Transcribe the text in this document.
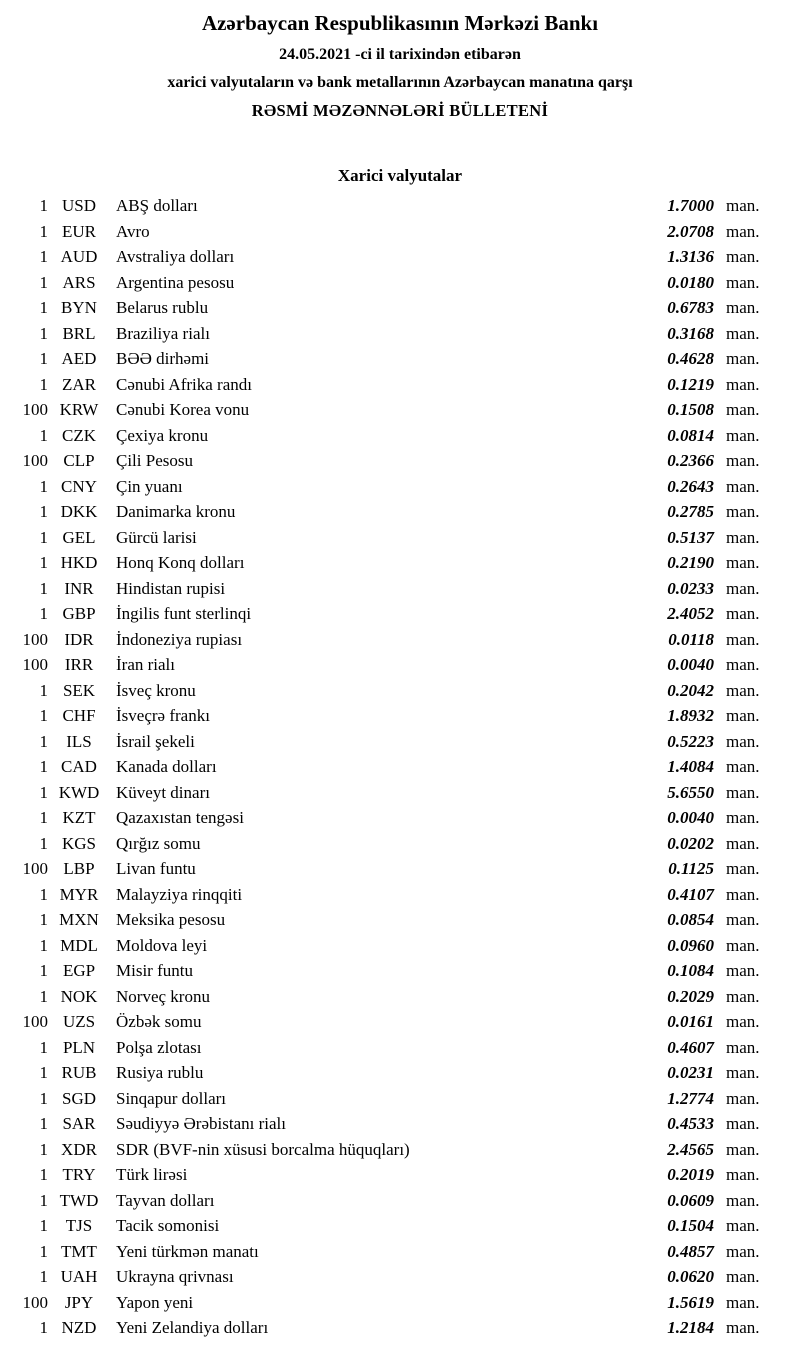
Azərbaycan Respublikasının Mərkəzi Bankı
24.05.2021 -ci il tarixindən etibarən
xarici valyutaların və bank metallarının Azərbaycan manatına qarşı
RƏSMİ MƏZƏNNƏLƏRİ BÜLLETENİ
Xarici valyutalar
1 USD	ABŞ dolları	1.7000 man.
1 EUR	Avro	2.0708 man.
1 AUD	Avstraliya dolları	1.3136 man.
1 ARS	Argentina pesosu	0.0180 man.
1 BYN	Belarus rublu	0.6783 man.
1 BRL	Braziliya rialı	0.3168 man.
1 AED	BƏƏ dirhəmi	0.4628 man.
1 ZAR	Cənubi Afrika randı	0.1219 man.
100 KRW	Cənubi Korea vonu	0.1508 man.
1 CZK	Çexiya kronu	0.0814 man.
100 CLP	Çili Pesosu	0.2366 man.
1 CNY	Çin yuanı	0.2643 man.
1 DKK	Danimarka kronu	0.2785 man.
1 GEL	Gürcü larisi	0.5137 man.
1 HKD	Honq Konq dolları	0.2190 man.
1 INR	Hindistan rupisi	0.0233 man.
1 GBP	İngilis funt sterlinqi	2.4052 man.
100 IDR	İndoneziya rupiası	0.0118 man.
100 IRR	İran rialı	0.0040 man.
1 SEK	İsveç kronu	0.2042 man.
1 CHF	İsveçrə frankı	1.8932 man.
1	ILS	İsrail şekeli	0.5223 man.
1 CAD	Kanada dolları	1.4084 man.
1 KWD Küveyt dinarı	5.6550 man.
1 KZT	Qazaxıstan tengəsi	0.0040 man.
1 KGS	Qırğız somu	0.0202 man.
100 LBP	Livan funtu	0.1125 man.
1 MYR	Malayziya rinqqiti	0.4107 man.
1 MXN	Meksika pesosu	0.0854 man.
1 MDL	Moldova leyi	0.0960 man.
1 EGP	Misir funtu	0.1084 man.
1 NOK	Norveç kronu	0.2029 man.
100 UZS	Özbək somu	0.0161 man.
1 PLN	Polşa zlotası	0.4607 man.
1 RUB	Rusiya rublu	0.0231 man.
1 SGD	Sinqapur dolları	1.2774 man.
1 SAR	Səudiyyə Ərəbistanı rialı	0.4533 man.
1 XDR	SDR (BVF-nin xüsusi borcalma hüquqları)	2.4565 man.
1 TRY	Türk lirəsi	0.2019 man.
1 TWD	Tayvan dolları	0.0609 man.
1	TJS	Tacik somonisi	0.1504 man.
1 TMT	Yeni türkmən manatı	0.4857 man.
1 UAH	Ukrayna qrivnası	0.0620 man.
100 JPY	Yapon yeni	1.5619 man.
1 NZD	Yeni Zelandiya dolları	1.2184 man.
